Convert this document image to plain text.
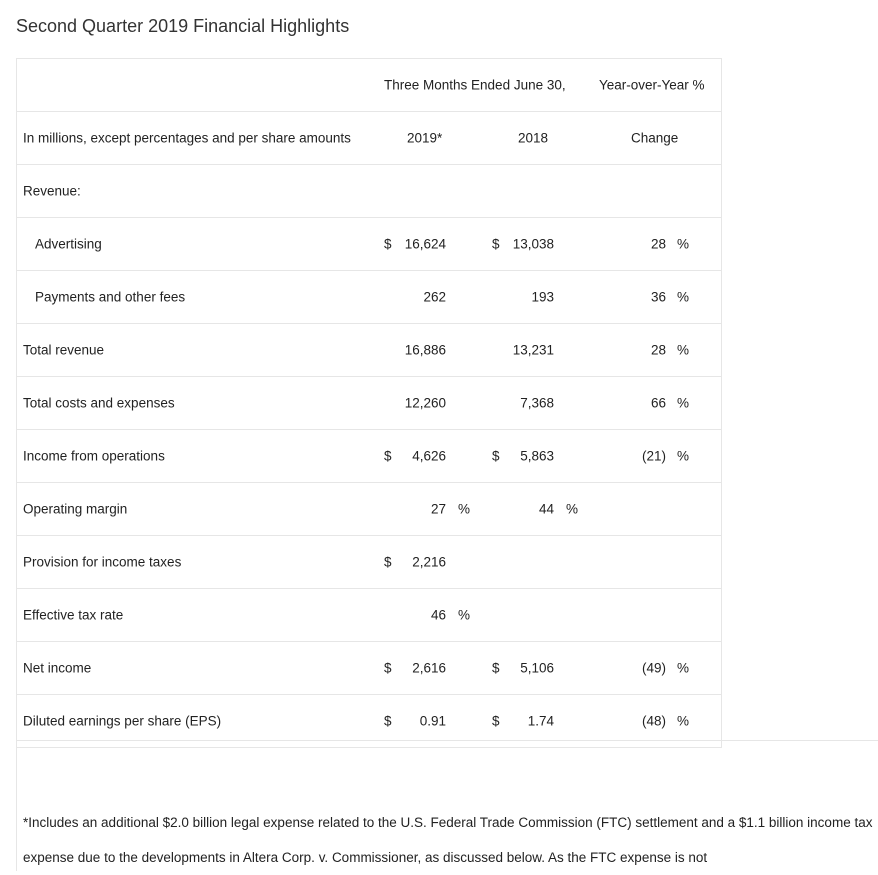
Second Quarter 2019 Financial Highlights
Three Months Ended June 30, Year-over-Year %
In millions, except percentages and per share amounts	2019*	2018	Change
Revenue:
Advertising	$ 16,624	$ 13,038	28 %
Payments and other fees	262	193	36 %
Total revenue	16,886	13,231	28 %
Total costs and expenses	12,260	7,368	66 %
Income from operations	$ 4,626	$ 5,863	(21) %
Operating margin	27 %	44 %
Provision for income taxes	$ 2,216
Effective tax rate	46 %
Net income	$ 2,616	$ 5,106	(49) %
Diluted earnings per share (EPS)	$ 0.91	$ 1.74	(48) %

*Includes an additional $2.0 billion legal expense related to the U.S. Federal Trade Commission (FTC) settlement and a $1.1 billion income tax expense due to the developments in Altera Corp. v. Commissioner, as discussed below. As the FTC expense is not
